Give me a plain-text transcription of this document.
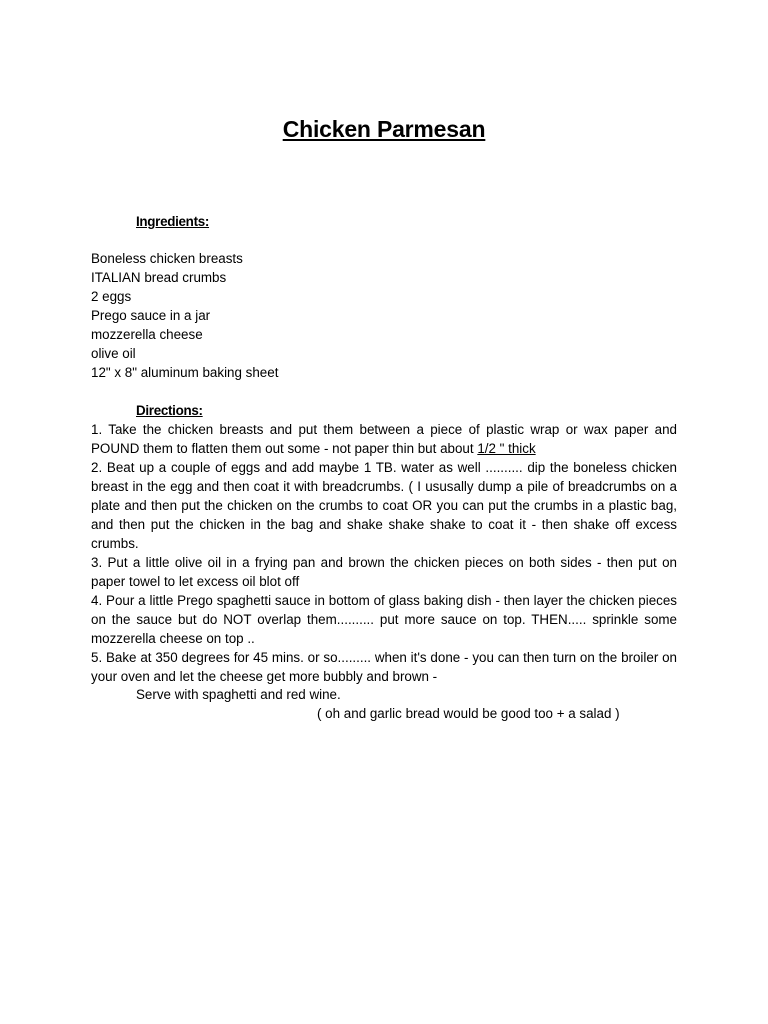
Chicken Parmesan
Ingredients:
Boneless chicken breasts
ITALIAN bread crumbs
2 eggs
Prego sauce in a jar
mozzerella cheese
olive oil
12" x 8" aluminum baking sheet
Directions:
1. Take the chicken breasts and put them between a piece of plastic wrap or wax paper and POUND them to flatten them out some - not paper thin but about 1/2 " thick
2. Beat up a couple of eggs and add maybe 1 TB. water as well .......... dip the boneless chicken breast in the egg and then coat it with breadcrumbs. ( I ususally dump a pile of breadcrumbs on a plate and then put the chicken on the crumbs to coat OR you can put the crumbs in a plastic bag, and then put the chicken in the bag and shake shake shake to coat it - then shake off excess crumbs.
3. Put a little olive oil in a frying pan and brown the chicken pieces on both sides - then put on paper towel to let excess oil blot off
4. Pour a little Prego spaghetti sauce in bottom of glass baking dish - then layer the chicken pieces on the sauce but do NOT overlap them.......... put more sauce on top. THEN..... sprinkle some mozzerella cheese on top ..
5. Bake at 350 degrees for 45 mins. or so......... when it's done - you can then turn on the broiler on your oven and let the cheese get more bubbly and brown -
Serve with spaghetti and red wine.
( oh and garlic bread would be good too + a salad )
